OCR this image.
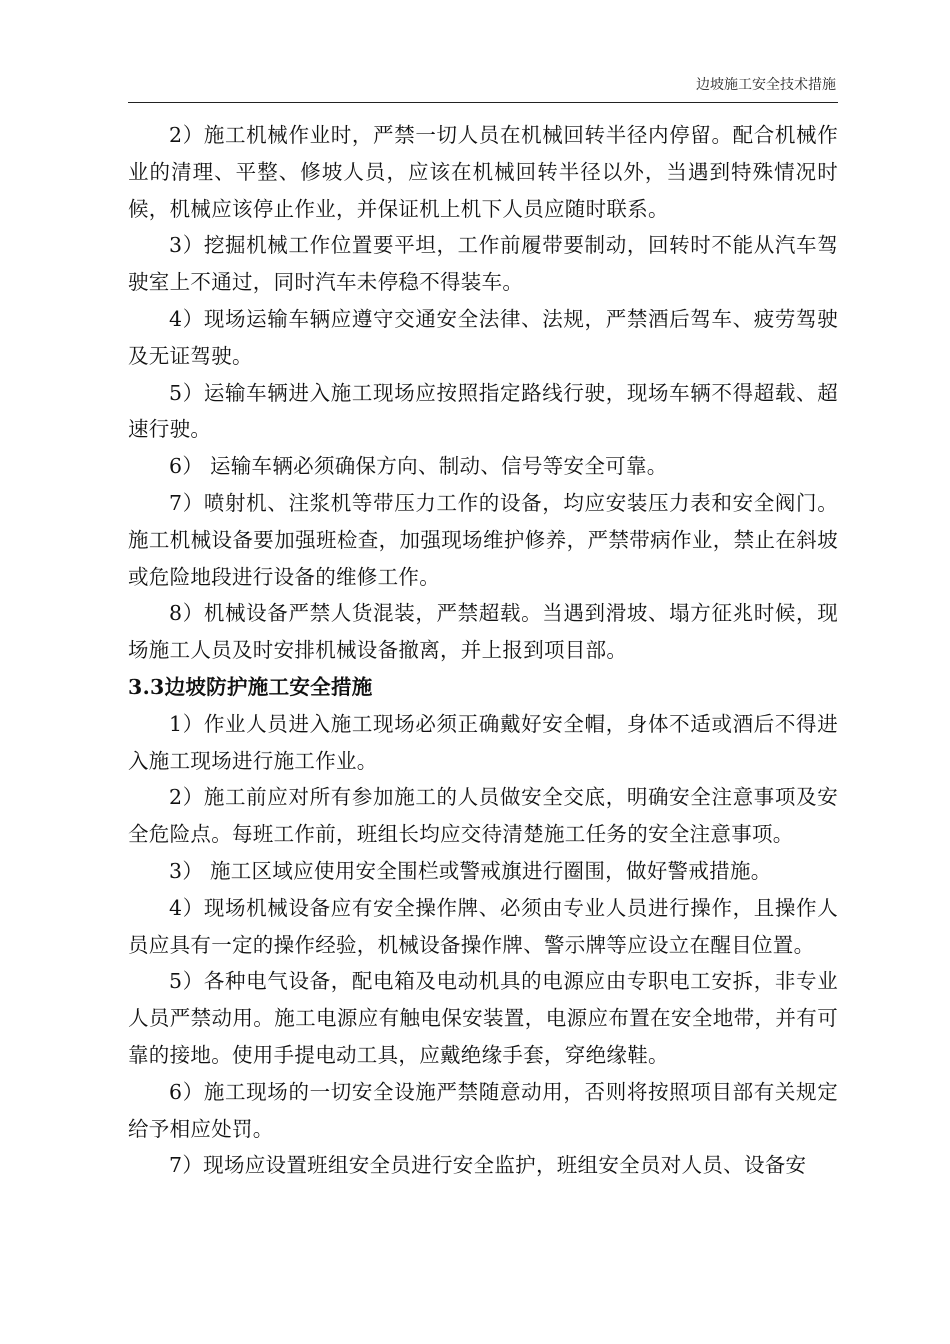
边坡施工安全技术措施

2）施工机械作业时，严禁一切人员在机械回转半径内停留。配合机械作业的清理、平整、修坡人员，应该在机械回转半径以外，当遇到特殊情况时候，机械应该停止作业，并保证机上机下人员应随时联系。

3）挖掘机械工作位置要平坦，工作前履带要制动，回转时不能从汽车驾驶室上不通过，同时汽车未停稳不得装车。

4）现场运输车辆应遵守交通安全法律、法规，严禁酒后驾车、疲劳驾驶及无证驾驶。

5）运输车辆进入施工现场应按照指定路线行驶，现场车辆不得超载、超速行驶。

6） 运输车辆必须确保方向、制动、信号等安全可靠。

7）喷射机、注浆机等带压力工作的设备，均应安装压力表和安全阀门。施工机械设备要加强班检查，加强现场维护修养，严禁带病作业，禁止在斜坡或危险地段进行设备的维修工作。

8）机械设备严禁人货混装，严禁超载。当遇到滑坡、塌方征兆时候，现场施工人员及时安排机械设备撤离，并上报到项目部。

3.3边坡防护施工安全措施

1）作业人员进入施工现场必须正确戴好安全帽，身体不适或酒后不得进入施工现场进行施工作业。

2）施工前应对所有参加施工的人员做安全交底，明确安全注意事项及安全危险点。每班工作前，班组长均应交待清楚施工任务的安全注意事项。

3） 施工区域应使用安全围栏或警戒旗进行圈围，做好警戒措施。

4）现场机械设备应有安全操作牌、必须由专业人员进行操作，且操作人员应具有一定的操作经验，机械设备操作牌、警示牌等应设立在醒目位置。

5）各种电气设备，配电箱及电动机具的电源应由专职电工安拆，非专业人员严禁动用。施工电源应有触电保安装置，电源应布置在安全地带，并有可靠的接地。使用手提电动工具，应戴绝缘手套，穿绝缘鞋。

6）施工现场的一切安全设施严禁随意动用，否则将按照项目部有关规定给予相应处罚。

7）现场应设置班组安全员进行安全监护，班组安全员对人员、设备安
